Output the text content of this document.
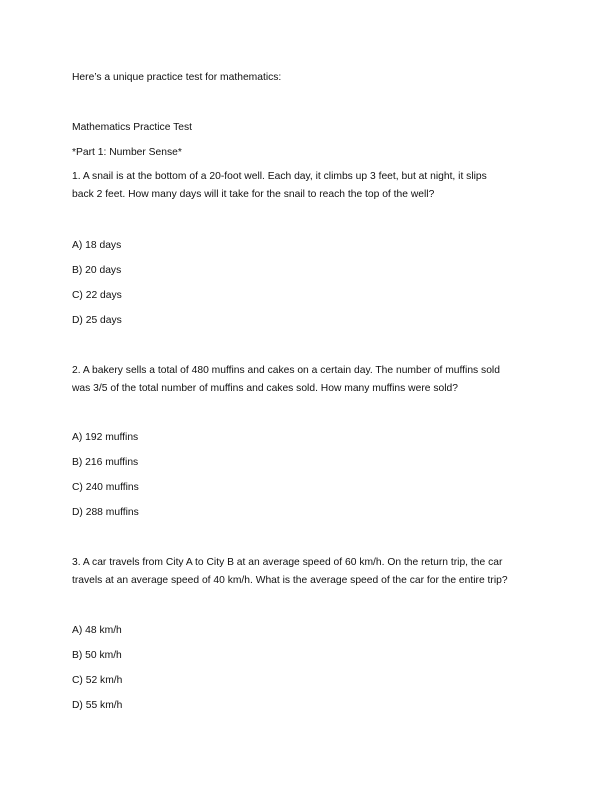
Here’s a unique practice test for mathematics:
Mathematics Practice Test
*Part 1: Number Sense*
1. A snail is at the bottom of a 20-foot well. Each day, it climbs up 3 feet, but at night, it slips
back 2 feet. How many days will it take for the snail to reach the top of the well?
A) 18 days
B) 20 days
C) 22 days
D) 25 days
2. A bakery sells a total of 480 muffins and cakes on a certain day. The number of muffins sold
was 3/5 of the total number of muffins and cakes sold. How many muffins were sold?
A) 192 muffins
B) 216 muffins
C) 240 muffins
D) 288 muffins
3. A car travels from City A to City B at an average speed of 60 km/h. On the return trip, the car
travels at an average speed of 40 km/h. What is the average speed of the car for the entire trip?
A) 48 km/h
B) 50 km/h
C) 52 km/h
D) 55 km/h
